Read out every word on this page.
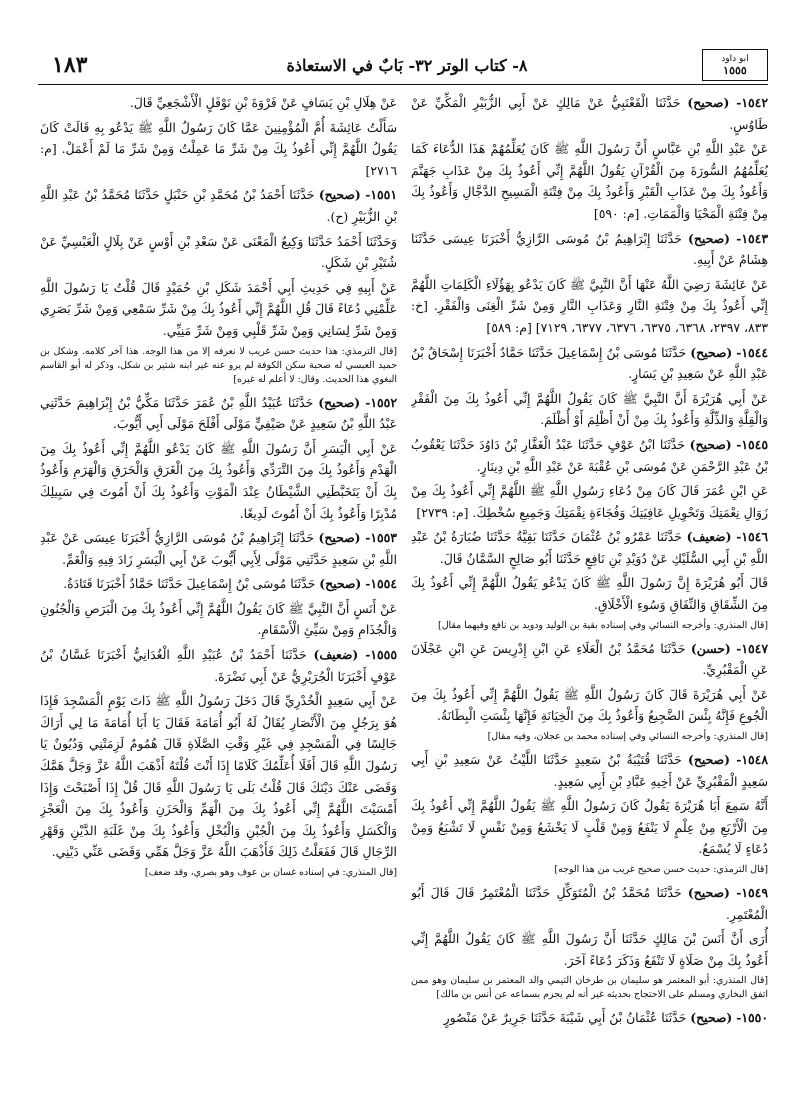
١٨٣	٨- كتاب الوتر ٣٢- بَابٌ في الاستعاذة	ابو داود
١٥٥٥

١٥٤٢- (صحيح) حَدَّثَنَا الْقَعْنَبِيُّ عَنْ مَالِكٍ عَنْ أَبِي الزُّبَيْرِ الْمَكِّيِّ عَنْ طَاوُسٍ.

عَنْ عَبْدِ اللَّهِ بْنِ عَبَّاسٍ أَنَّ رَسُولَ اللَّهِ ﷺ كَانَ يُعَلِّمُهُمْ هَذَا الدُّعَاءَ كَمَا يُعَلِّمُهُمُ السُّورَةَ مِنَ الْقُرْآنِ يَقُولُ اللَّهُمَّ إِنِّي أَعُوذُ بِكَ مِنْ عَذَابِ جَهَنَّمَ وَأَعُوذُ بِكَ مِنْ عَذَابِ الْقَبْرِ وَأَعُوذُ بِكَ مِنْ فِتْنَةِ الْمَسِيحِ الدَّجَّالِ وَأَعُوذُ بِكَ مِنْ فِتْنَةِ الْمَحْيَا وَالْمَمَاتِ. [م: ٥٩٠]

١٥٤٣- (صحيح) حَدَّثَنَا إِبْرَاهِيمُ بْنُ مُوسَى الرَّازِيُّ أَخْبَرَنَا عِيسَى حَدَّثَنَا هِشَامٌ عَنْ أَبِيهِ.

عَنْ عَائِشَةَ رَضِيَ اللَّهُ عَنْهَا أَنَّ النَّبِيَّ ﷺ كَانَ يَدْعُو بِهَؤُلَاءِ الْكَلِمَاتِ اللَّهُمَّ إِنِّي أَعُوذُ بِكَ مِنْ فِتْنَةِ النَّارِ وَعَذَابِ النَّارِ وَمِنْ شَرِّ الْغِنَى وَالْفَقْرِ. [خ: ٨٣٣، ٢٣٩٧، ٦٣٦٨، ٦٣٧٥، ٦٣٧٦، ٦٣٧٧، ٧١٢٩] [م: ٥٨٩]

١٥٤٤- (صحيح) حَدَّثَنَا مُوسَى بْنُ إِسْمَاعِيلَ حَدَّثَنَا حَمَّادٌ أَخْبَرَنَا إِسْحَاقُ بْنُ عَبْدِ اللَّهِ عَنْ سَعِيدِ بْنِ يَسَارٍ.

عَنْ أَبِي هُرَيْرَةَ أَنَّ النَّبِيَّ ﷺ كَانَ يَقُولُ اللَّهُمَّ إِنِّي أَعُوذُ بِكَ مِنَ الْفَقْرِ وَالْقِلَّةِ وَالذِّلَّةِ وَأَعُوذُ بِكَ مِنْ أَنْ أَظْلِمَ أَوْ أُظْلَمَ.

١٥٤٥- (صحيح) حَدَّثَنَا ابْنُ عَوْفٍ حَدَّثَنَا عَبْدُ الْغَفَّارِ بْنُ دَاوُدَ حَدَّثَنَا يَعْقُوبُ بْنُ عَبْدِ الرَّحْمَنِ عَنْ مُوسَى بْنِ عُقْبَةَ عَنْ عَبْدِ اللَّهِ بْنِ دِينَارٍ.

عَنِ ابْنِ عُمَرَ قَالَ كَانَ مِنْ دُعَاءِ رَسُولِ اللَّهِ ﷺ اللَّهُمَّ إِنِّي أَعُوذُ بِكَ مِنْ زَوَالِ نِعْمَتِكَ وَتَحْوِيلِ عَافِيَتِكَ وَفُجَاءَةِ نِقْمَتِكَ وَجَمِيعِ سُخْطِكَ. [م: ٢٧٣٩]

١٥٤٦- (ضعيف) حَدَّثَنَا عَمْرُو بْنُ عُثْمَانَ حَدَّثَنَا بَقِيَّةُ حَدَّثَنَا ضُبَارَةُ بْنُ عَبْدِ اللَّهِ بْنِ أَبِي السُّلَيْكِ عَنْ دُوَيْدِ بْنِ نَافِعٍ حَدَّثَنَا أَبُو صَالِحٍ السَّمَّانُ قَالَ.

قَالَ أَبُو هُرَيْرَةَ إِنَّ رَسُولَ اللَّهِ ﷺ كَانَ يَدْعُو يَقُولُ اللَّهُمَّ إِنِّي أَعُوذُ بِكَ مِنَ الشِّقَاقِ وَالنِّفَاقِ وَسُوءِ الْأَخْلَاقِ.

[قال المنذري: وأخرجه النسائي وفي إسناده بقية بن الوليد ودويد بن نافع وفيهما مقال]

١٥٤٧- (حسن) حَدَّثَنَا مُحَمَّدُ بْنُ الْعَلَاءِ عَنِ ابْنِ إِدْرِيسَ عَنِ ابْنِ عَجْلَانَ عَنِ الْمَقْبُرِيِّ.

عَنْ أَبِي هُرَيْرَةَ قَالَ كَانَ رَسُولُ اللَّهِ ﷺ يَقُولُ اللَّهُمَّ إِنِّي أَعُوذُ بِكَ مِنَ الْجُوعِ فَإِنَّهُ بِئْسَ الضَّجِيعُ وَأَعُوذُ بِكَ مِنَ الْخِيَانَةِ فَإِنَّهَا بِئْسَتِ الْبِطَانَةُ.

[قال المنذري: وأخرجه النسائي وفي إسناده محمد بن عجلان، وفيه مقال]

١٥٤٨- (صحيح) حَدَّثَنَا قُتَيْبَةُ بْنُ سَعِيدٍ حَدَّثَنَا اللَّيْثُ عَنْ سَعِيدِ بْنِ أَبِي سَعِيدٍ الْمَقْبُرِيِّ عَنْ أَخِيهِ عَبَّادِ بْنِ أَبِي سَعِيدٍ.

أَنَّهُ سَمِعَ أَبَا هُرَيْرَةَ يَقُولُ كَانَ رَسُولُ اللَّهِ ﷺ يَقُولُ اللَّهُمَّ إِنِّي أَعُوذُ بِكَ مِنَ الْأَرْبَعِ مِنْ عِلْمٍ لَا يَنْفَعُ وَمِنْ قَلْبٍ لَا يَخْشَعُ وَمِنْ نَفْسٍ لَا تَشْبَعُ وَمِنْ دُعَاءٍ لَا يُسْمَعُ.

[قال الترمذي: حديث حسن صحيح غريب من هذا الوجه]

١٥٤٩- (صحيح) حَدَّثَنَا مُحَمَّدُ بْنُ الْمُتَوَكِّلِ حَدَّثَنَا الْمُعْتَمِرُ قَالَ قَالَ أَبُو الْمُعْتَمِرِ.

أُرَى أَنَّ أَنَسَ بْنَ مَالِكٍ حَدَّثَنَا أَنَّ رَسُولَ اللَّهِ ﷺ كَانَ يَقُولُ اللَّهُمَّ إِنِّي أَعُوذُ بِكَ مِنْ صَلَاةٍ لَا تَنْفَعُ وَذَكَرَ دُعَاءً آخَرَ.

[قال المنذري: أبو المعتمر هو سليمان بن طرخان التيمي والد المعتمر بن سليمان وهو ممن اتفق البخاري ومسلم على الاحتجاج بحديثه غير أنه لم يجزم بسماعه عن أنس بن مالك]

١٥٥٠- (صحيح) حَدَّثَنَا عُثْمَانُ بْنُ أَبِي شَيْبَةَ حَدَّثَنَا جَرِيرٌ عَنْ مَنْصُورٍ

عَنْ هِلَالِ بْنِ يَسَافٍ عَنْ فَرْوَةَ بْنِ نَوْفَلٍ الْأَشْجَعِيِّ قَالَ.

سَأَلْتُ عَائِشَةَ أُمَّ الْمُؤْمِنِينَ عَمَّا كَانَ رَسُولُ اللَّهِ ﷺ يَدْعُو بِهِ قَالَتْ كَانَ يَقُولُ اللَّهُمَّ إِنِّي أَعُوذُ بِكَ مِنْ شَرِّ مَا عَمِلْتُ وَمِنْ شَرِّ مَا لَمْ أَعْمَلْ. [م: ٢٧١٦]

١٥٥١- (صحيح) حَدَّثَنَا أَحْمَدُ بْنُ مُحَمَّدِ بْنِ حَنْبَلٍ حَدَّثَنَا مُحَمَّدُ بْنُ عَبْدِ اللَّهِ بْنِ الزُّبَيْرِ (ح).

وَحَدَّثَنَا أَحْمَدُ حَدَّثَنَا وَكِيعٌ الْمَعْنَى عَنْ سَعْدِ بْنِ أَوْسٍ عَنْ بِلَالٍ الْعَبْسِيِّ عَنْ شُتَيْرِ بْنِ شَكَلٍ.

عَنْ أَبِيهِ فِي حَدِيثِ أَبِي أَحْمَدَ شَكَلِ بْنِ حُمَيْدٍ قَالَ قُلْتُ يَا رَسُولَ اللَّهِ عَلِّمْنِي دُعَاءً قَالَ قُلِ اللَّهُمَّ إِنِّي أَعُوذُ بِكَ مِنْ شَرِّ سَمْعِي وَمِنْ شَرِّ بَصَرِي وَمِنْ شَرِّ لِسَانِي وَمِنْ شَرِّ قَلْبِي وَمِنْ شَرِّ مَنِيِّي.

[قال الترمذي: هذا حديث حسن غريب لا نعرفه إلا من هذا الوجه. هذا آخر كلامه. وشكل بن حميد العبسي له صحبة سكن الكوفة لم يرو عنه غير ابنه شتير بن شكل، وذكر له أبو القاسم البغوي هذا الحديث. وقال: لا أعلم له غيره]

١٥٥٢- (صحيح) حَدَّثَنَا عُبَيْدُ اللَّهِ بْنُ عُمَرَ حَدَّثَنَا مَكِّيُّ بْنُ إِبْرَاهِيمَ حَدَّثَنِي عَبْدُ اللَّهِ بْنُ سَعِيدٍ عَنْ صَيْفِيٍّ مَوْلَى أَفْلَحَ مَوْلَى أَبِي أَيُّوبَ.

عَنْ أَبِي الْيَسَرِ أَنَّ رَسُولَ اللَّهِ ﷺ كَانَ يَدْعُو اللَّهُمَّ إِنِّي أَعُوذُ بِكَ مِنَ الْهَدْمِ وَأَعُوذُ بِكَ مِنَ التَّرَدِّي وَأَعُوذُ بِكَ مِنَ الْغَرَقِ وَالْحَرَقِ وَالْهَرَمِ وَأَعُوذُ بِكَ أَنْ يَتَخَبَّطَنِي الشَّيْطَانُ عِنْدَ الْمَوْتِ وَأَعُوذُ بِكَ أَنْ أَمُوتَ فِي سَبِيلِكَ مُدْبِرًا وَأَعُوذُ بِكَ أَنْ أَمُوتَ لَدِيغًا.

١٥٥٣- (صحيح) حَدَّثَنَا إِبْرَاهِيمُ بْنُ مُوسَى الرَّازِيُّ أَخْبَرَنَا عِيسَى عَنْ عَبْدِ اللَّهِ بْنِ سَعِيدٍ حَدَّثَنِي مَوْلًى لِأَبِي أَيُّوبَ عَنْ أَبِي الْيَسَرِ زَادَ فِيهِ وَالْغَمِّ.

١٥٥٤- (صحيح) حَدَّثَنَا مُوسَى بْنُ إِسْمَاعِيلَ حَدَّثَنَا حَمَّادٌ أَخْبَرَنَا قَتَادَةُ.

عَنْ أَنَسٍ أَنَّ النَّبِيَّ ﷺ كَانَ يَقُولُ اللَّهُمَّ إِنِّي أَعُوذُ بِكَ مِنَ الْبَرَصِ وَالْجُنُونِ وَالْجُذَامِ وَمِنْ سَيِّئِ الْأَسْقَامِ.

١٥٥٥- (ضعيف) حَدَّثَنَا أَحْمَدُ بْنُ عُبَيْدِ اللَّهِ الْغُدَانِيُّ أَخْبَرَنَا غَسَّانُ بْنُ عَوْفٍ أَخْبَرَنَا الْجُرَيْرِيُّ عَنْ أَبِي نَضْرَةَ.

عَنْ أَبِي سَعِيدٍ الْخُدْرِيِّ قَالَ دَخَلَ رَسُولُ اللَّهِ ﷺ ذَاتَ يَوْمٍ الْمَسْجِدَ فَإِذَا هُوَ بِرَجُلٍ مِنَ الْأَنْصَارِ يُقَالُ لَهُ أَبُو أُمَامَةَ فَقَالَ يَا أَبَا أُمَامَةَ مَا لِي أَرَاكَ جَالِسًا فِي الْمَسْجِدِ فِي غَيْرِ وَقْتِ الصَّلَاةِ قَالَ هُمُومٌ لَزِمَتْنِي وَدُيُونٌ يَا رَسُولَ اللَّهِ قَالَ أَفَلَا أُعَلِّمُكَ كَلَامًا إِذَا أَنْتَ قُلْتَهُ أَذْهَبَ اللَّهُ عَزَّ وَجَلَّ هَمَّكَ وَقَضَى عَنْكَ دَيْنَكَ قَالَ قُلْتُ بَلَى يَا رَسُولَ اللَّهِ قَالَ قُلْ إِذَا أَصْبَحْتَ وَإِذَا أَمْسَيْتَ اللَّهُمَّ إِنِّي أَعُوذُ بِكَ مِنَ الْهَمِّ وَالْحَزَنِ وَأَعُوذُ بِكَ مِنَ الْعَجْزِ وَالْكَسَلِ وَأَعُوذُ بِكَ مِنَ الْجُبْنِ وَالْبُخْلِ وَأَعُوذُ بِكَ مِنْ غَلَبَةِ الدَّيْنِ وَقَهْرِ الرِّجَالِ قَالَ فَفَعَلْتُ ذَلِكَ فَأَذْهَبَ اللَّهُ عَزَّ وَجَلَّ هَمِّي وَقَضَى عَنِّي دَيْنِي.

[قال المنذري: في إسناده غسان بن عوف وهو بصري، وقد ضعف]
